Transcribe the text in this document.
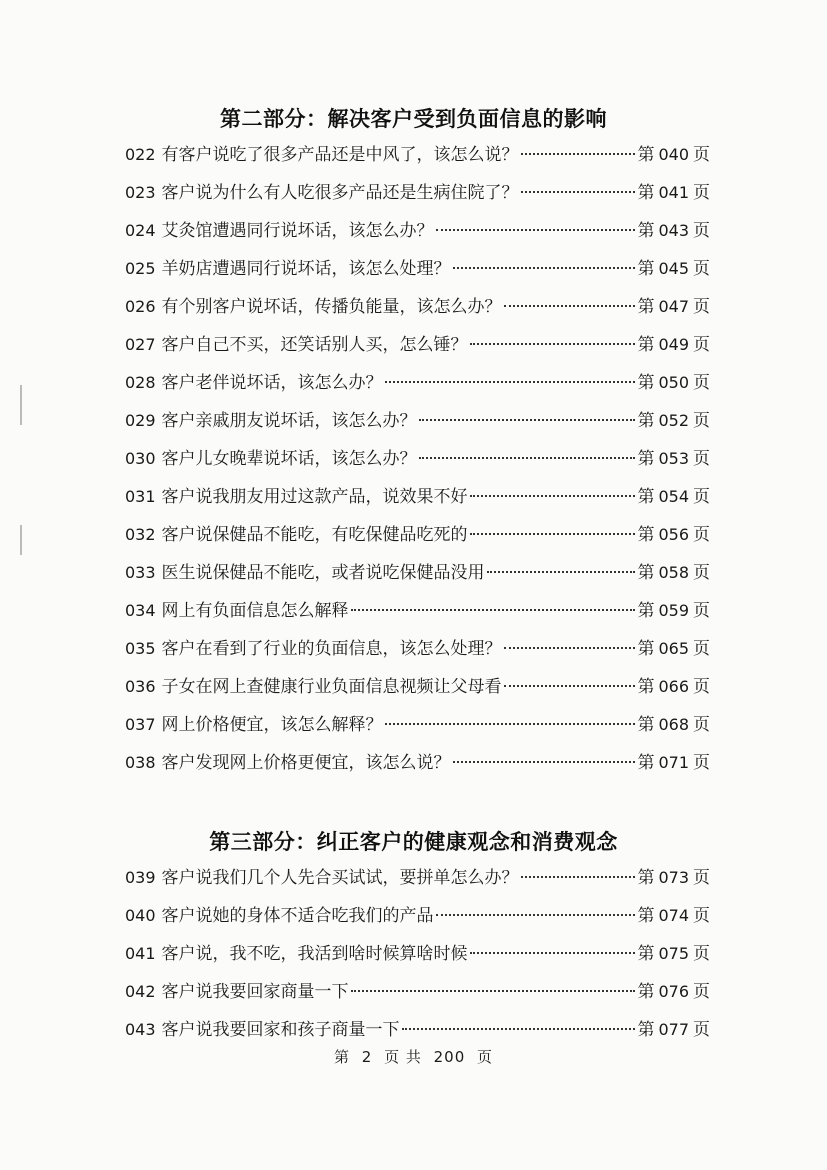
第二部分：解决客户受到负面信息的影响
022 有客户说吃了很多产品还是中风了，该怎么说？	第 040 页
023 客户说为什么有人吃很多产品还是生病住院了？	第 041 页
024 艾灸馆遭遇同行说坏话，该怎么办？	第 043 页
025 羊奶店遭遇同行说坏话，该怎么处理？	第 045 页
026 有个别客户说坏话，传播负能量，该怎么办？	第 047 页
027 客户自己不买，还笑话别人买，怎么锤？	第 049 页
028 客户老伴说坏话，该怎么办？	第 050 页
029 客户亲戚朋友说坏话，该怎么办？	第 052 页
030 客户儿女晚辈说坏话，该怎么办？	第 053 页
031 客户说我朋友用过这款产品，说效果不好	第 054 页
032 客户说保健品不能吃，有吃保健品吃死的	第 056 页
033 医生说保健品不能吃，或者说吃保健品没用	第 058 页
034 网上有负面信息怎么解释	第 059 页
035 客户在看到了行业的负面信息，该怎么处理？	第 065 页
036 子女在网上查健康行业负面信息视频让父母看	第 066 页
037 网上价格便宜，该怎么解释？	第 068 页
038 客户发现网上价格更便宜，该怎么说？	第 071 页
第三部分：纠正客户的健康观念和消费观念
039 客户说我们几个人先合买试试，要拼单怎么办？	第 073 页
040 客户说她的身体不适合吃我们的产品	第 074 页
041 客户说，我不吃，我活到啥时候算啥时候	第 075 页
042 客户说我要回家商量一下	第 076 页
043 客户说我要回家和孩子商量一下	第 077 页
第 2 页 共 200 页
